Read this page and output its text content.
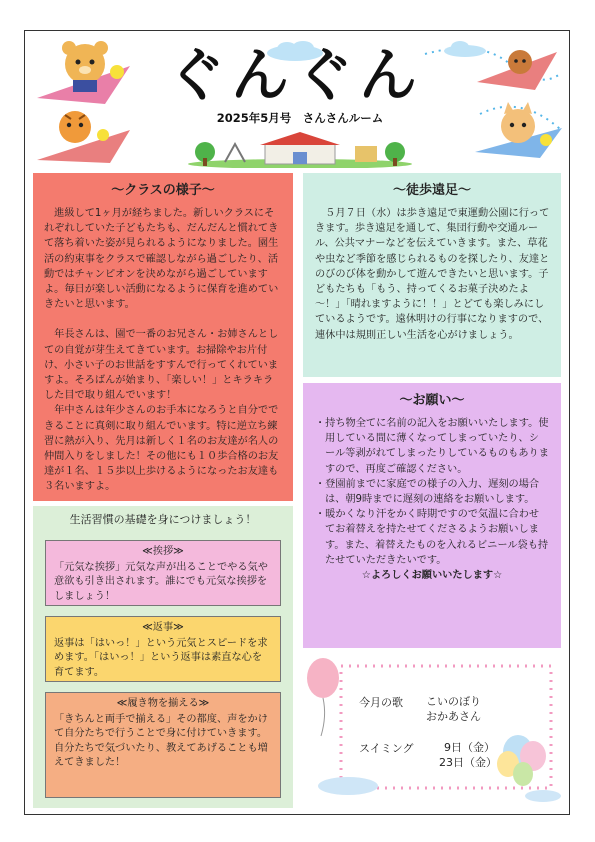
ぐんぐん
2025年5月号　さんさんルーム
～クラスの様子～

　進級して1ヶ月が経ちました。新しいクラスにそれぞれしていた子どもたちも、だんだんと慣れてきて落ち着いた姿が見られるようになりました。園生活の約束事をクラスで確認しながら過ごしたり、活動ではチャンピオンを決めながら過ごしていますよ。毎日が楽しい活動になるように保育を進めていきたいと思います。

　年長さんは、園で一番のお兄さん・お姉さんとしての自覚が芽生えてきています。お掃除やお片付け、小さい子のお世話をすすんで行ってくれていますよ。そろばんが始まり、「楽しい！」とキラキラした目で取り組んでいます！
　年中さんは年少さんのお手本になろうと自分でできることに真剣に取り組んでいます。特に逆立ち練習に熱が入り、先月は新しく１名のお友達が名人の仲間入りをしました！その他にも１０歩合格のお友達が１名、１５歩以上歩けるようになったお友達も３名いますよ。

～徒歩遠足～

　５月７日（水）は歩き遠足で東運動公園に行ってきます。歩き遠足を通して、集団行動や交通ルール、公共マナーなどを伝えていきます。また、草花や虫など季節を感じられるものを探したり、友達とのびのび体を動かして遊んできたいと思います。子どもたちも「もう、持ってくるお菓子決めたよ～！」「晴れますように！！」とどても楽しみにしているようです。遠休明けの行事になりますので、連休中は規則正しい生活を心がけましょう。

～お願い～

・持ち物全てに名前の記入をお願いいたします。使用している間に薄くなってしまっていたり、シール等剥がれてしまったりしているものもありますので、再度ご確認ください。

・登園前までに家庭での様子の入力、遅刻の場合は、朝9時までに遅刻の連絡をお願いします。

・暖かくなり汗をかく時期ですので気温に合わせてお着替えを持たせてくださるようお願いします。また、着替えたものを入れるビニール袋も持たせていただきたいです。

☆よろしくお願いいたします☆

生活習慣の基礎を身につけましょう！
≪挨拶≫
「元気な挨拶」元気な声が出ることでやる気や意欲も引き出されます。誰にでも元気な挨拶をしましょう！
≪返事≫
返事は「はいっ！」という元気とスピードを求めます。「はいっ！」という返事は素直な心を育てます。
≪履き物を揃える≫
「きちんと両手で揃える」その都度、声をかけて自分たちで行うことで身に付けていきます。自分たちで気づいたり、教えてあげることも増えてきました！
今月の歌 こいのぼり
おかあさん
スイミング	9日（金）
23日（金）
